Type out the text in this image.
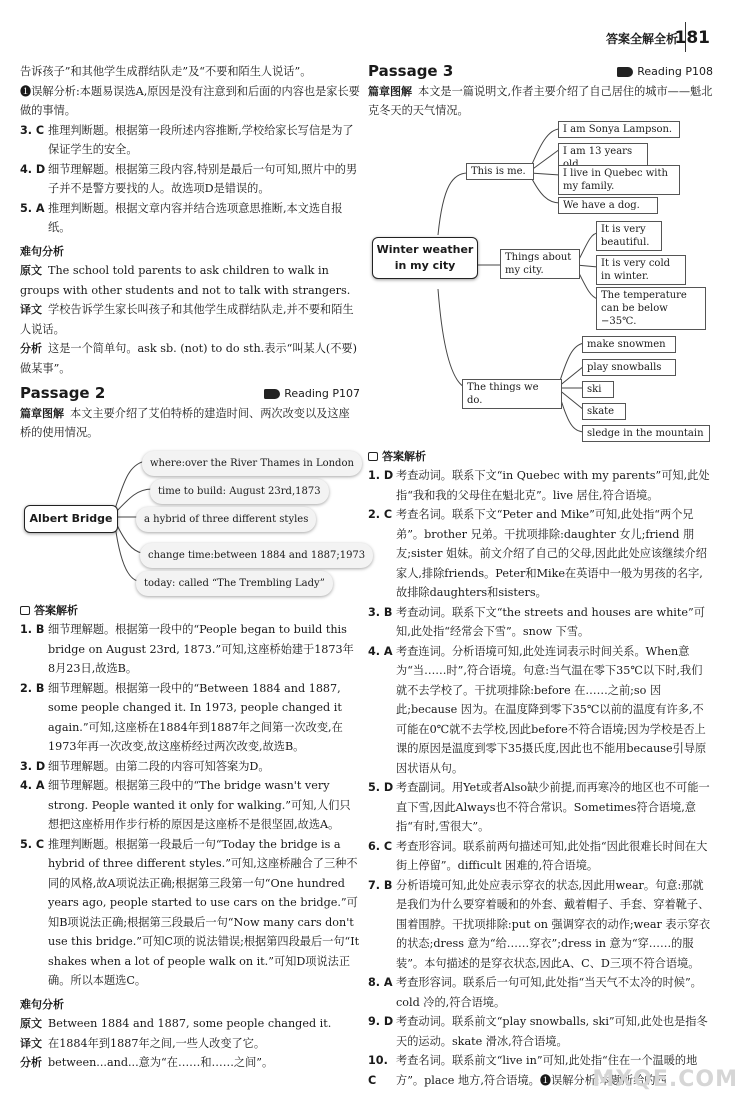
答案全解全析
181

告诉孩子”和其他学生成群结队走”及“不要和陌生人说话”。

❶误解分析:本题易误选A,原因是没有注意到和后面的内容也是家长要做的事情。

3. C 推理判断题。根据第一段所述内容推断,学校给家长写信是为了保证学生的安全。
4. D 细节理解题。根据第三段内容,特别是最后一句可知,照片中的男子并不是警方要找的人。故选项D是错误的。
5. A 推理判断题。根据文章内容并结合选项意思推断,本文选自报纸。
难句分析

原文 The school told parents to ask children to walk in groups with other students and not to talk with strangers.

译文 学校告诉学生家长叫孩子和其他学生成群结队走,并不要和陌生人说话。

分析 这是一个简单句。ask sb. (not) to do sth.表示“叫某人(不要)做某事”。

Passage 2	Reading P107

篇章图解 本文主要介绍了艾伯特桥的建造时间、两次改变以及这座桥的使用情况。

Albert Bridge
where:over the River Thames in London
time to build: August 23rd,1873
a hybrid of three different styles
change time:between 1884 and 1887;1973
today: called “The Trembling Lady”
答案解析
1. B 细节理解题。根据第一段中的“People began to build this bridge on August 23rd, 1873.”可知,这座桥始建于1873年8月23日,故选B。
2. B 细节理解题。根据第一段中的“Between 1884 and 1887, some people changed it. In 1973, people changed it again.”可知,这座桥在1884年到1887年之间第一次改变,在1973年再一次改变,故这座桥经过两次改变,故选B。
3. D 细节理解题。由第二段的内容可知答案为D。
4. A 细节理解题。根据第三段中的“The bridge wasn't very strong. People wanted it only for walking.”可知,人们只想把这座桥用作步行桥的原因是这座桥不是很坚固,故选A。
5. C 推理判断题。根据第一段最后一句“Today the bridge is a hybrid of three different styles.”可知,这座桥融合了三种不同的风格,故A项说法正确;根据第三段第一句“One hundred years ago, people started to use cars on the bridge.”可知B项说法正确;根据第三段最后一句“Now many cars don't use this bridge.”可知C项的说法错误;根据第四段最后一句“It shakes when a lot of people walk on it.”可知D项说法正确。所以本题选C。
难句分析

原文 Between 1884 and 1887, some people changed it.

译文 在1884年到1887年之间,一些人改变了它。

分析 between...and...意为“在……和……之间”。

Passage 3	Reading P108

篇章图解 本文是一篇说明文,作者主要介绍了自己居住的城市——魁北克冬天的天气情况。

Winter weather in my city
This is me.
Things about my city.
The things we do.
I am Sonya Lampson.
I am 13 years
I live in Quebec with my family.
We have a dog.
It is very beautiful.
It is very cold in winter.
The temperature can be below −35℃.
make snowmen
play snowballs
ski
skate
sledge in the mountain
答案解析
1. D 考查动词。联系下文“in Quebec with my parents”可知,此处指“我和我的父母住在魁北克”。live 居住,符合语境。
2. C 考查名词。联系下文“Peter and Mike”可知,此处指“两个兄弟”。brother 兄弟。干扰项排除:daughter 女儿;friend 朋友;sister 姐妹。前文介绍了自己的父母,因此此处应该继续介绍家人,排除friends。Peter和Mike在英语中一般为男孩的名字,故排除daughters和sisters。
3. B 考查动词。联系下文“the streets and houses are white”可知,此处指“经常会下雪”。snow 下雪。
4. A 考查连词。分析语境可知,此处连词表示时间关系。When意为“当……时”,符合语境。句意:当气温在零下35℃以下时,我们就不去学校了。干扰项排除:before 在……之前;so 因此;because 因为。在温度降到零下35℃以前的温度有许多,不可能在0℃就不去学校,因此before不符合语境;因为学校是否上课的原因是温度到零下35摄氏度,因此也不能用because引导原因状语从句。
5. D 考查副词。用Yet或者Also缺少前提,而再寒冷的地区也不可能一直下雪,因此Always也不符合常识。Sometimes符合语境,意指“有时,雪很大”。
6. C 考查形容词。联系前两句描述可知,此处指“因此很难长时间在大街上停留”。difficult 困难的,符合语境。
7. B 分析语境可知,此处应表示穿衣的状态,因此用wear。句意:那就是我们为什么要穿着暖和的外套、戴着帽子、手套、穿着靴子、围着围脖。干扰项排除:put on 强调穿衣的动作;wear 表示穿衣的状态;dress 意为“给……穿衣”;dress in 意为“穿……的服装”。本句描述的是穿衣状态,因此A、C、D三项不符合语境。
8. A 考查形容词。联系后一句可知,此处指“当天气不太冷的时候”。cold 冷的,符合语境。
9. D 考查动词。联系前文“play snowballs, ski”可知,此处也是指冬天的运动。skate 滑冰,符合语境。
10. C
考查名词。联系前文“live in”可知,此处指“住在一个温暖的地方”。place 地方,符合语境。❶误解分析:本题所给的四
MXQE.COM
